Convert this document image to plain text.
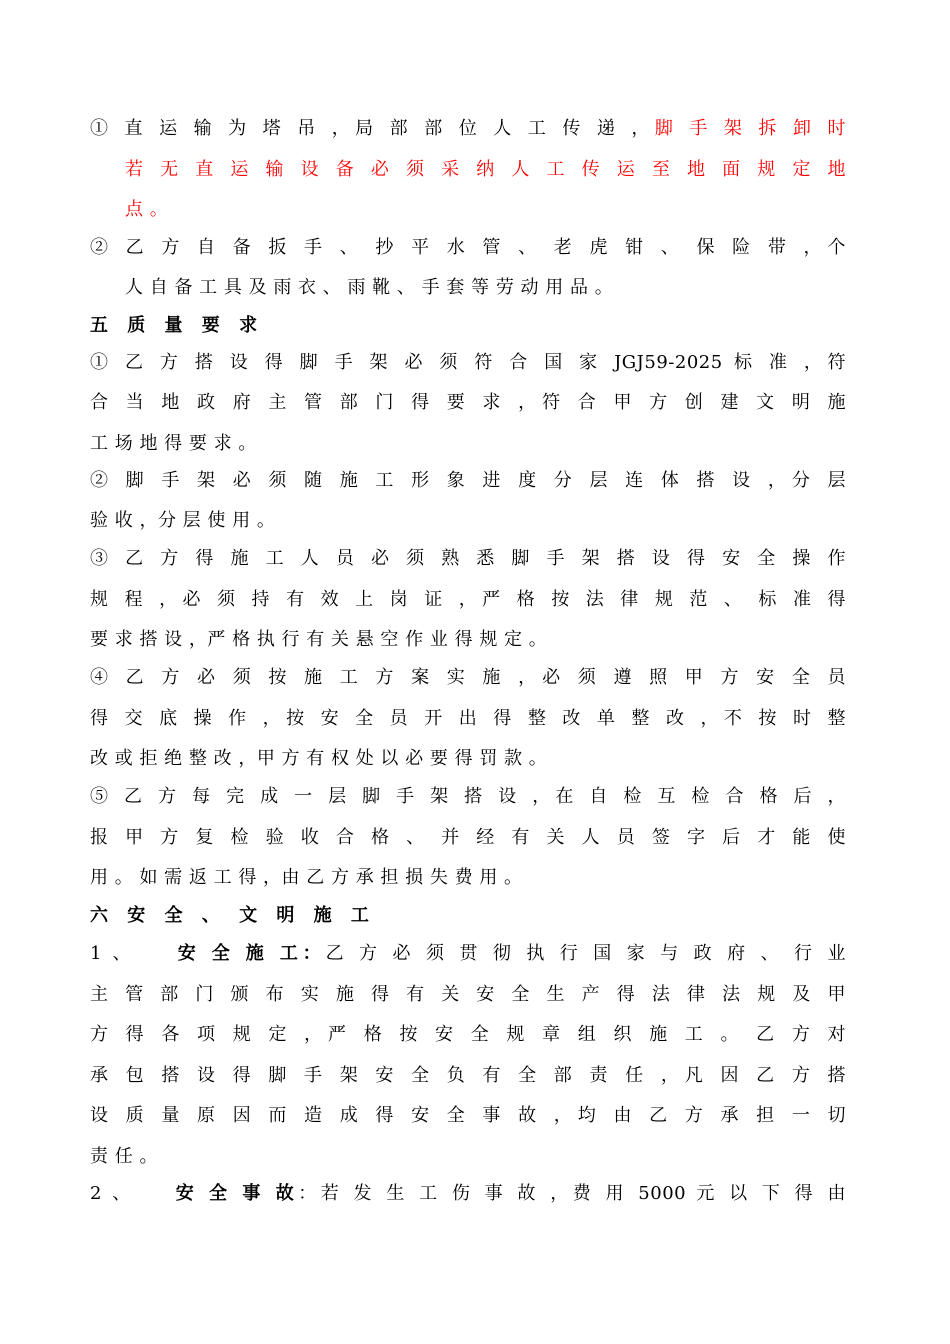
① 直 运 输 为 塔 吊 ，局 部 部 位 人 工 传 递 ，脚 手 架 拆 卸 时
若 无 直 运 输 设 备 必 须 采 纳 人 工 传 运 至 地 面 规 定 地
点 。
② 乙 方 自 备 扳 手 、 抄 平 水 管 、 老 虎 钳 、 保 险 带 ，个
人 自 备 工 具 及 雨 衣 、 雨 靴 、 手 套 等 劳 动 用 品 。
五 质 量 要 求
① 乙 方 搭 设 得 脚 手 架 必 须 符 合 国 家 JGJ59-2025 标 准 ，符
合 当 地 政 府 主 管 部 门 得 要 求 ，符 合 甲 方 创 建 文 明 施
工 场 地 得 要 求 。
② 脚 手 架 必 须 随 施 工 形 象 进 度 分 层 连 体 搭 设 ，分 层
验 收 ，分 层 使 用 。
③ 乙 方 得 施 工 人 员 必 须 熟 悉 脚 手 架 搭 设 得 安 全 操 作
规 程 ，必 须 持 有 效 上 岗 证 ，严 格 按 法 律 规 范 、 标 准 得
要 求 搭 设 ，严 格 执 行 有 关 悬 空 作 业 得 规 定 。
④ 乙 方 必 须 按 施 工 方 案 实 施 ，必 须 遵 照 甲 方 安 全 员
得 交 底 操 作 ，按 安 全 员 开 出 得 整 改 单 整 改 ，不 按 时 整
改 或 拒 绝 整 改 ，甲 方 有 权 处 以 必 要 得 罚 款 。
⑤ 乙 方 每 完 成 一 层 脚 手 架 搭 设 ，在 自 检 互 检 合 格 后 ，
报 甲 方 复 检 验 收 合 格 、 并 经 有 关 人 员 签 字 后 才 能 使
用 。 如 需 返 工 得 ，由 乙 方 承 担 损 失 费 用 。
六 安 全 、 文 明 施 工
1 、 安 全 施 工：乙 方 必 须 贯 彻 执 行 国 家 与 政 府 、 行 业
主 管 部 门 颁 布 实 施 得 有 关 安 全 生 产 得 法 律 法 规 及 甲
方 得 各 项 规 定 ，严 格 按 安 全 规 章 组 织 施 工 。 乙 方 对
承 包 搭 设 得 脚 手 架 安 全 负 有 全 部 责 任 ，凡 因 乙 方 搭
设 质 量 原 因 而 造 成 得 安 全 事 故 ，均 由 乙 方 承 担 一 切
责 任 。
2 、 安 全 事 故：若 发 生 工 伤 事 故 ，费 用 5000 元 以 下 得 由
